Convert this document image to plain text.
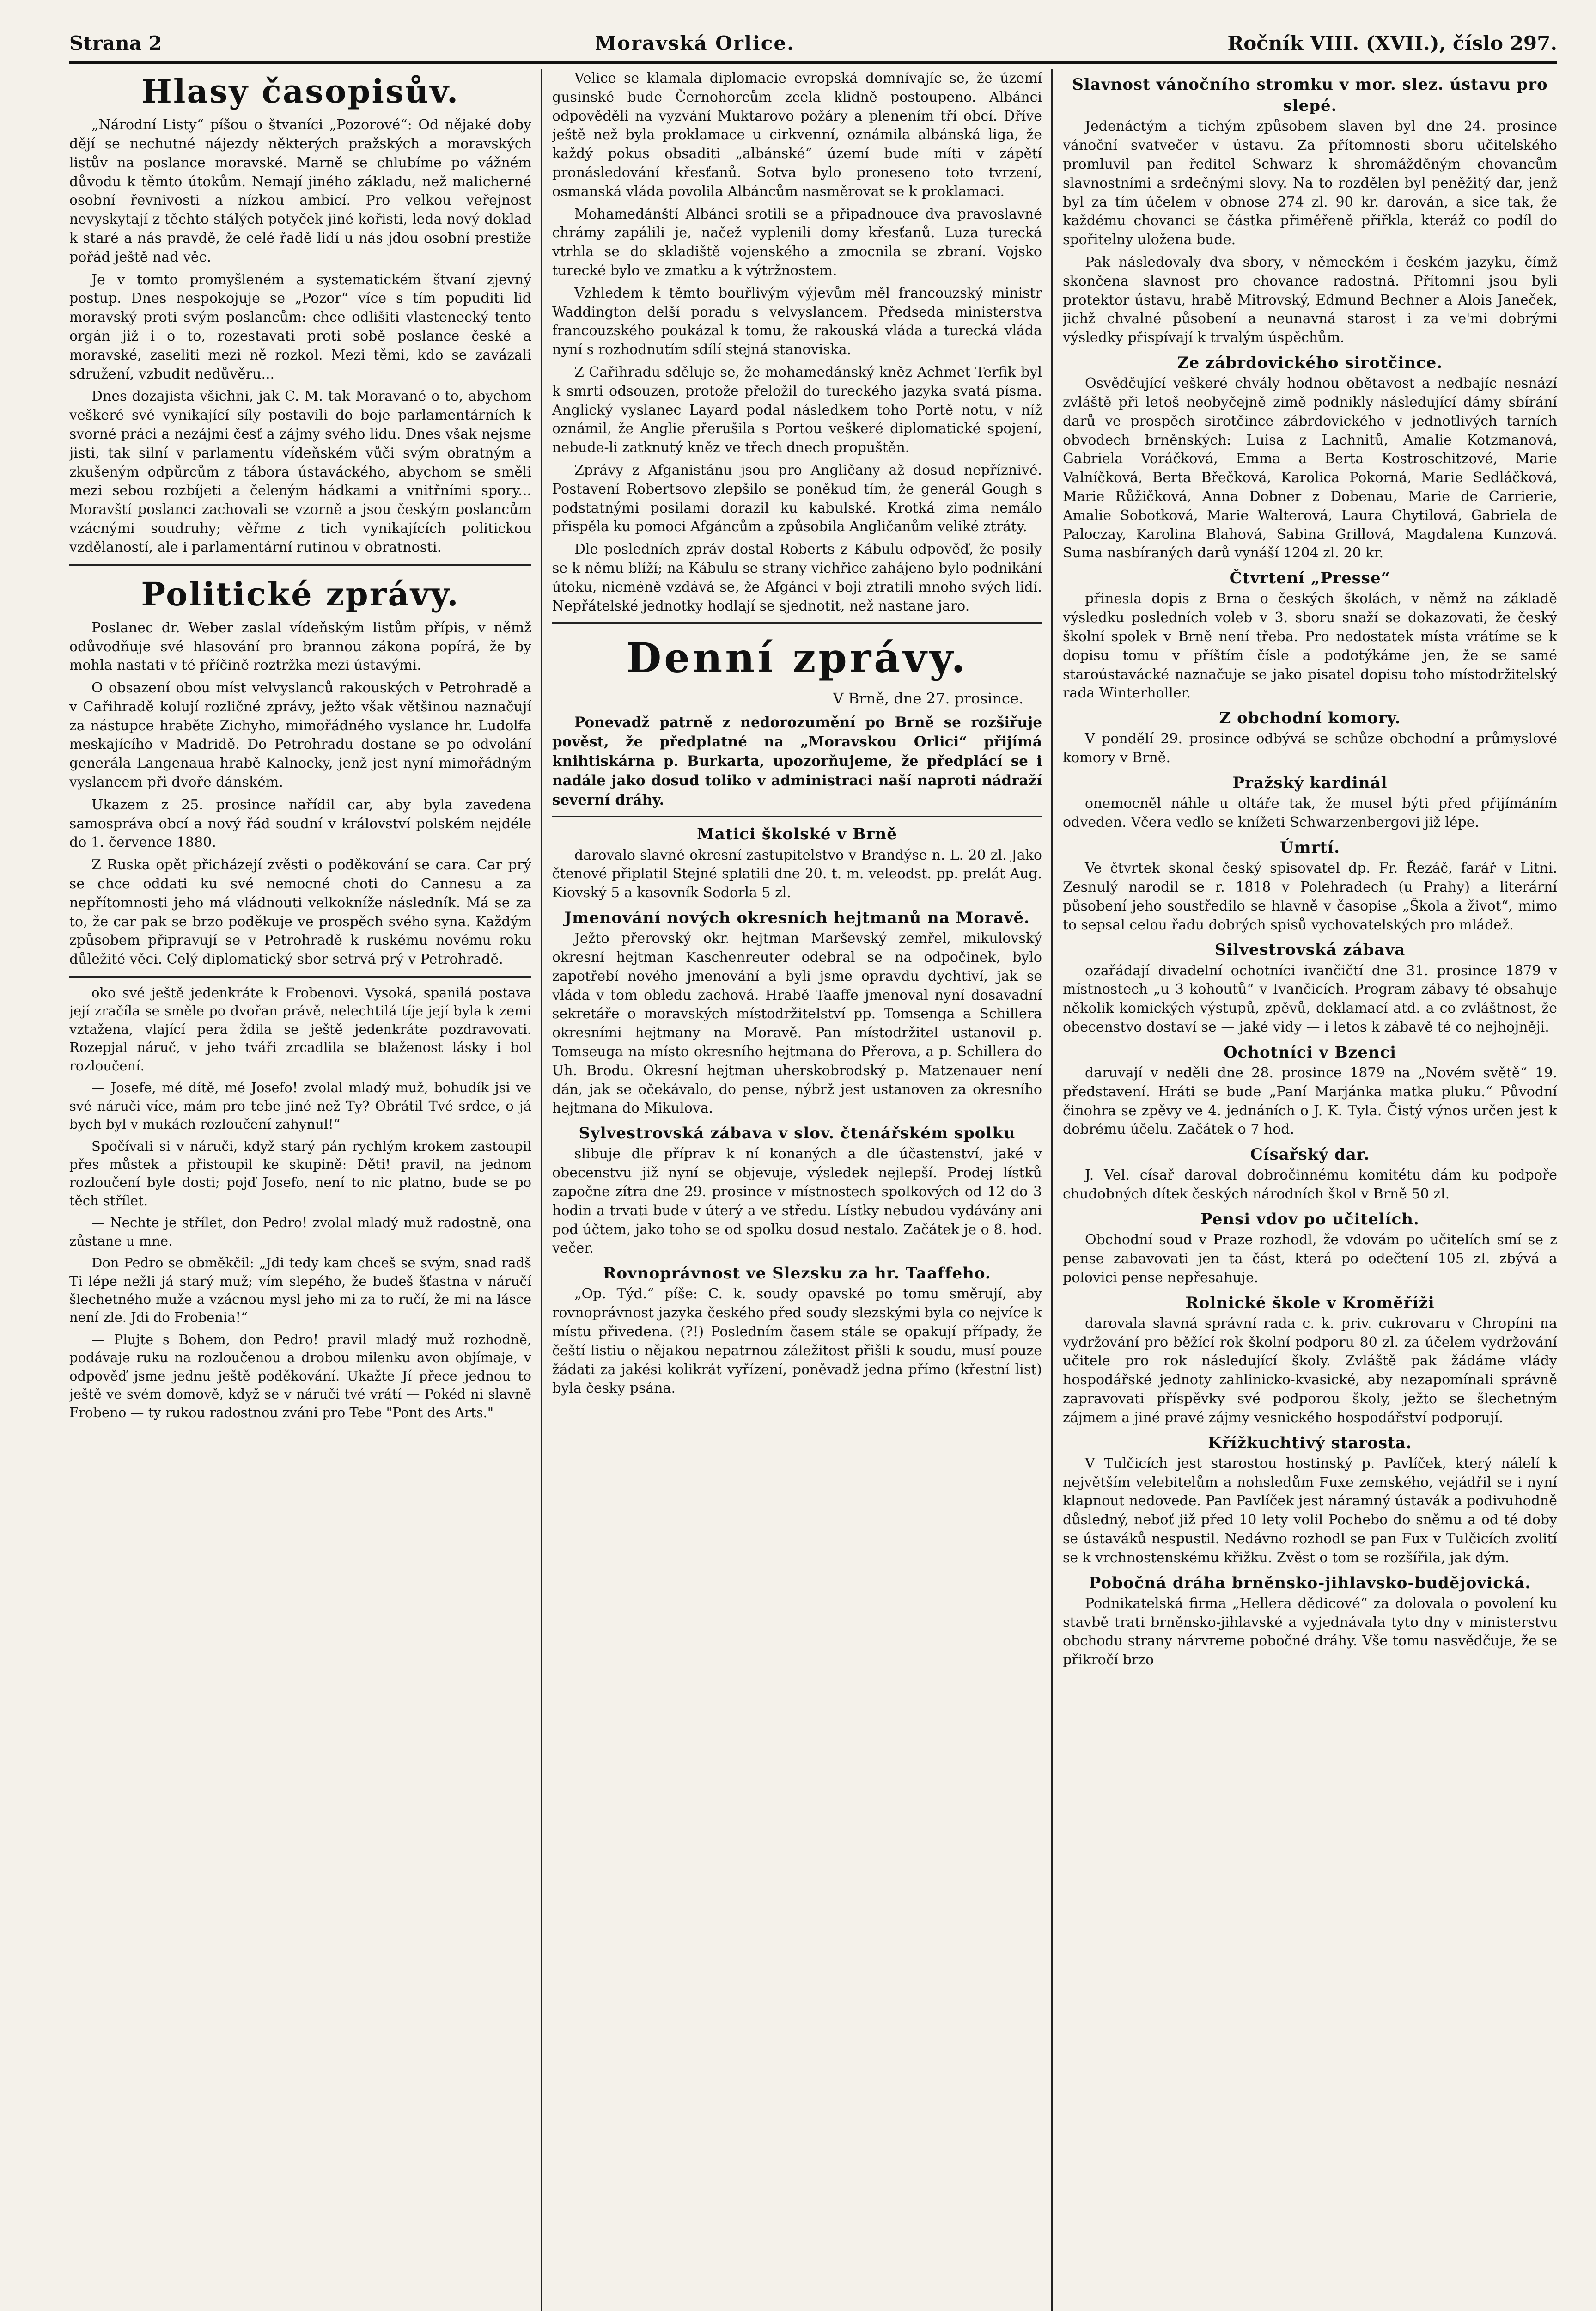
Strana 2	Moravská Orlice.	Ročník VIII. (XVII.), číslo 297.
Hlasy časopisův.

„Národní Listy“ píšou o štvaníci „Pozorové“: Od nějaké doby dějí se nechutné nájezdy některých pražských a moravských listův na poslance moravské. Marně se chlubíme po vážném důvodu k těmto útokům. Nemají jiného základu, než malicherné osobní řevnivosti a nízkou ambicí. Pro velkou veřejnost nevyskytají z těchto stálých potyček jiné kořisti, leda nový doklad k staré a nás pravdě, že celé řadě lidí u nás jdou osobní prestiže pořád ještě nad věc.

Je v tomto promyšleném a systematickém štvaní zjevný postup. Dnes nespokojuje se „Pozor“ více s tím popuditi lid moravský proti svým poslancům: chce odlišiti vlastenecký tento orgán již i o to, rozestavati proti sobě poslance české a moravské, zaseliti mezi ně rozkol. Mezi těmi, kdo se zavázali sdružení, vzbudit nedůvěru...

Dnes dozajista všichni, jak C. M. tak Moravané o to, abychom veškeré své vynikající síly postavili do boje parlamentárních k svorné práci a nezájmi česť a zájmy svého lidu. Dnes však nejsme jisti, tak silní v parlamentu vídeňském vůči svým obratným a zkušeným odpůrcům z tábora ústaváckého, abychom se směli mezi sebou rozbíjeti a čeleným hádkami a vnitřními spory... Moravští poslanci zachovali se vzorně a jsou českým poslancům vzácnými soudruhy; věřme z tich vynikajících politickou vzdělaností, ale i parlamentární rutinou v obratnosti.

Politické zprávy.

Poslanec dr. Weber zaslal vídeňským listům přípis, v němž odůvodňuje své hlasování pro brannou zákona popírá, že by mohla nastati v té příčině roztržka mezi ústavými.

O obsazení obou míst velvyslanců rakouských v Petrohradě a v Cařihradě kolují rozličné zprávy, ježto však většinou naznačují za nástupce hraběte Zichyho, mimořádného vyslance hr. Ludolfa meskajícího v Madridě. Do Petrohradu dostane se po odvolání generála Langenaua hrabě Kalnocky, jenž jest nyní mimořádným vyslancem při dvoře dánském.

Ukazem z 25. prosince nařídil car, aby byla zavedena samospráva obcí a nový řád soudní v království polském nejdéle do 1. července 1880.

Z Ruska opět přicházejí zvěsti o poděkování se cara. Car prý se chce oddati ku své nemocné choti do Cannesu a za nepřítomnosti jeho má vládnouti velkokníže následník. Má se za to, že car pak se brzo poděkuje ve prospěch svého syna. Každým způsobem připravují se v Petrohradě k ruskému novému roku důležité věci. Celý diplomatický sbor setrvá prý v Petrohradě.

oko své ještě jedenkráte k Frobenovi. Vysoká, spanilá postava její zračíla se směle po dvořan právě, nelechtilá tíje její byla k zemi vztažena, vlající pera ždila se ještě jedenkráte pozdravovati. Rozepjal náruč, v jeho tváři zrcadlila se blaženost lásky i bol rozloučení.

— Josefe, mé dítě, mé Josefo! zvolal mladý muž, bohudík jsi ve své náruči více, mám pro tebe jiné než Ty? Obrátil Tvé srdce, o já bych byl v mukách rozloučení zahynul!“

Spočívali si v náruči, když starý pán rychlým krokem zastoupil přes můstek a přistoupil ke skupině: Děti! pravil, na jednom rozloučení byle dosti; pojď Josefo, není to nic platno, bude se po těch střílet.

— Nechte je střílet, don Pedro! zvolal mladý muž radostně, ona zůstane u mne.

Don Pedro se obměkčil: „Jdi tedy kam chceš se svým, snad radš Ti lépe nežli já starý muž; vím slepého, že budeš šťastna v náručí šlechetného muže a vzácnou mysl jeho mi za to ručí, že mi na lásce není zle. Jdi do Frobenia!“

— Plujte s Bohem, don Pedro! pravil mladý muž rozhodně, podávaje ruku na rozloučenou a drobou milenku avon objímaje, v odpověď jsme jednu ještě poděkování. Ukažte Jí přece jednou to ještě ve svém domově, když se v náruči tvé vrátí — Pokéd ni slavně Frobeno — ty rukou radostnou zváni pro Tebe "Pont des Arts."

Velice se klamala diplomacie evropská domnívajíc se, že území gusinské bude Černohorcům zcela klidně postoupeno. Albánci odpověděli na vyzvání Muktarovo požáry a plenením tří obcí. Dříve ještě než byla proklamace u cirkvenní, oznámila albánská liga, že každý pokus obsaditi „albánské“ území bude míti v zápětí pronásledování křesťanů. Sotva bylo proneseno toto tvrzení, osmanská vláda povolila Albáncům nasměrovat se k proklamaci.

Mohamedánští Albánci srotili se a připadnouce dva pravoslavné chrámy zapálili je, načež vyplenili domy křesťanů. Luza turecká vtrhla se do skladiště vojenského a zmocnila se zbraní. Vojsko turecké bylo ve zmatku a k výtržnostem.

Vzhledem k těmto bouřlivým výjevům měl francouzský ministr Waddington delší poradu s velvyslancem. Předseda ministerstva francouzského poukázal k tomu, že rakouská vláda a turecká vláda nyní s rozhodnutím sdílí stejná stanoviska.

Z Cařihradu sděluje se, že mohamedánský kněz Achmet Terfik byl k smrti odsouzen, protože přeložil do tureckého jazyka svatá písma. Anglický vyslanec Layard podal následkem toho Portě notu, v níž oznámil, že Anglie přerušila s Portou veškeré diplomatické spojení, nebude-li zatknutý kněz ve třech dnech propuštěn.

Zprávy z Afganistánu jsou pro Angličany až dosud nepříznivé. Postavení Robertsovo zlepšilo se poněkud tím, že generál Gough s podstatnými posilami dorazil ku kabulské. Krotká zima nemálo přispěla ku pomoci Afgáncům a způsobila Angličanům veliké ztráty.

Dle posledních zpráv dostal Roberts z Kábulu odpověď, že posily se k němu blíží; na Kábulu se strany vichřice zahájeno bylo podnikání útoku, nicméně vzdává se, že Afgánci v boji ztratili mnoho svých lidí. Nepřátelské jednotky hodlají se sjednotit, než nastane jaro.

Denní zprávy.
V Brně, dne 27. prosince.

Ponevadž patrně z nedorozumění po Brně se rozšiřuje pověst, že předplatné na „Moravskou Orlici“ přijímá knihtiskárna p. Burkarta, upozorňujeme, že předplácí se i nadále jako dosud toliko v administraci naší naproti nádraží severní dráhy.

Matici školské v Brně

darovalo slavné okresní zastupitelstvo v Brandýse n. L. 20 zl. Jako čtenové připlatil Stejné splatili dne 20. t. m. veleodst. pp. prelát Aug. Kiovský 5 a kasovník Sodorla 5 zl.

Jmenování nových okresních hejtmanů na Moravě.

Ježto přerovský okr. hejtman Marševský zemřel, mikulovský okresní hejtman Kaschenreuter odebral se na odpočinek, bylo zapotřebí nového jmenování a byli jsme opravdu dychtiví, jak se vláda v tom obledu zachová. Hrabě Taaffe jmenoval nyní dosavadní sekretáře o moravských místodržitelství pp. Tomsenga a Schillera okresními hejtmany na Moravě. Pan místodržitel ustanovil p. Tomseuga na místo okresního hejtmana do Přerova, a p. Schillera do Uh. Brodu. Okresní hejtman uherskobrodský p. Matzenauer není dán, jak se očekávalo, do pense, nýbrž jest ustanoven za okresního hejtmana do Mikulova.

Sylvestrovská zábava v slov. čtenářském spolku

slibuje dle příprav k ní konaných a dle účastenství, jaké v obecenstvu již nyní se objevuje, výsledek nejlepší. Prodej lístků započne zítra dne 29. prosince v místnostech spolkových od 12 do 3 hodin a trvati bude v úterý a ve středu. Lístky nebudou vydávány ani pod účtem, jako toho se od spolku dosud nestalo. Začátek je o 8. hod. večer.

Rovnoprávnost ve Slezsku za hr. Taaffeho.

„Op. Týd.“ píše: C. k. soudy opavské po tomu směrují, aby rovnoprávnost jazyka českého před soudy slezskými byla co nejvíce k místu přivedena. (?!) Posledním časem stále se opakují případy, že čeští listiu o nějakou nepatrnou záležitost přišli k soudu, musí pouze žádati za jakési kolikrát vyřízení, poněvadž jedna přímo (křestní list) byla česky psána.

Slavnost vánočního stromku v mor. slez. ústavu pro slepé.

Jedenáctým a tichým způsobem slaven byl dne 24. prosince vánoční svatvečer v ústavu. Za přítomnosti sboru učitelského promluvil pan ředitel Schwarz k shromážděným chovancům slavnostními a srdečnými slovy. Na to rozdělen byl peněžitý dar, jenž byl za tím účelem v obnose 274 zl. 90 kr. darován, a sice tak, že každému chovanci se částka přiměřeně přiřkla, kteráž co podíl do spořitelny uložena bude.

Pak následovaly dva sbory, v německém i českém jazyku, čímž skončena slavnost pro chovance radostná. Přítomni jsou byli protektor ústavu, hrabě Mitrovský, Edmund Bechner a Alois Janeček, jichž chvalné působení a neunavná starost i za ve'mi dobrými výsledky přispívají k trvalým úspěchům.

Ze zábrdovického sirotčince.

Osvědčující veškeré chvály hodnou obětavost a nedbajíc nesnází zvláště při letoš neobyčejně zimě podnikly následující dámy sbírání darů ve prospěch sirotčince zábrdovického v jednotlivých tarních obvodech brněnských: Luisa z Lachnitů, Amalie Kotzmanová, Gabriela Voráčková, Emma a Berta Kostroschitzové, Marie Valníčková, Berta Břečková, Karolica Pokorná, Marie Sedláčková, Marie Růžičková, Anna Dobner z Dobenau, Marie de Carrierie, Amalie Sobotková, Marie Walterová, Laura Chytilová, Gabriela de Paloczay, Karolina Blahová, Sabina Grillová, Magdalena Kunzová. Suma nasbíraných darů vynáší 1204 zl. 20 kr.

Čtvrtení „Presse“

přinesla dopis z Brna o českých školách, v němž na základě výsledku posledních voleb v 3. sboru snaží se dokazovati, že český školní spolek v Brně není třeba. Pro nedostatek místa vrátíme se k dopisu tomu v příštím čísle a podotýkáme jen, že se samé staroústavácké naznačuje se jako pisatel dopisu toho místodržitelský rada Winterholler.

Z obchodní komory.

V pondělí 29. prosince odbývá se schůze obchodní a průmyslové komory v Brně.

Pražský kardinál

onemocněl náhle u oltáře tak, že musel býti před přijímáním odveden. Včera vedlo se knížeti Schwarzenbergovi již lépe.

Úmrtí.

Ve čtvrtek skonal český spisovatel dp. Fr. Řezáč, farář v Litni. Zesnulý narodil se r. 1818 v Polehradech (u Prahy) a literární působení jeho soustředilo se hlavně v časopise „Škola a život“, mimo to sepsal celou řadu dobrých spisů vychovatelských pro mládež.

Silvestrovská zábava

ozařádají divadelní ochotníci ivančičtí dne 31. prosince 1879 v místnostech „u 3 kohoutů“ v Ivančicích. Program zábavy té obsahuje několik komických výstupů, zpěvů, deklamací atd. a co zvláštnost, že obecenstvo dostaví se — jaké vidy — i letos k zábavě té co nejhojněji.

Ochotníci v Bzenci

daruvají v neděli dne 28. prosince 1879 na „Novém světě“ 19. představení. Hráti se bude „Paní Marjánka matka pluku.“ Původní činohra se zpěvy ve 4. jednáních o J. K. Tyla. Čistý výnos určen jest k dobrému účelu. Začátek o 7 hod.

Císařský dar.

J. Vel. císař daroval dobročinnému komitétu dám ku podpoře chudobných dítek českých národních škol v Brně 50 zl.

Pensi vdov po učitelích.

Obchodní soud v Praze rozhodl, že vdovám po učitelích smí se z pense zabavovati jen ta část, která po odečtení 105 zl. zbývá a polovici pense nepřesahuje.

Rolnické škole v Kroměříži

darovala slavná správní rada c. k. priv. cukrovaru v Chropíni na vydržování pro běžící rok školní podporu 80 zl. za účelem vydržování učitele pro rok následující školy. Zvláště pak žádáme vlády hospodářské jednoty zahlinicko-kvasické, aby nezapomínali správně zapravovati příspěvky své podporou školy, ježto se šlechetným zájmem a jiné pravé zájmy vesnického hospodářství podporují.

Křížkuchtivý starosta.

V Tulčicích jest starostou hostinský p. Pavlíček, který nálelí k největším velebitelům a nohsledům Fuxe zemského, vejádřil se i nyní klapnout nedovede. Pan Pavlíček jest náramný ústavák a podivuhodně důsledný, neboť již před 10 lety volil Pochebo do sněmu a od té doby se ústaváků nespustil. Nedávno rozhodl se pan Fux v Tulčicích zvolití se k vrchnostenskému křižku. Zvěst o tom se rozšířila, jak dým.

Pobočná dráha brněnsko-jihlavsko-budějovická.

Podnikatelská firma „Hellera dědicové“ za dolovala o povolení ku stavbě trati brněnsko-jihlavské a vyjednávala tyto dny v ministerstvu obchodu strany nárvreme pobočné dráhy. Vše tomu nasvědčuje, že se přikročí brzo
